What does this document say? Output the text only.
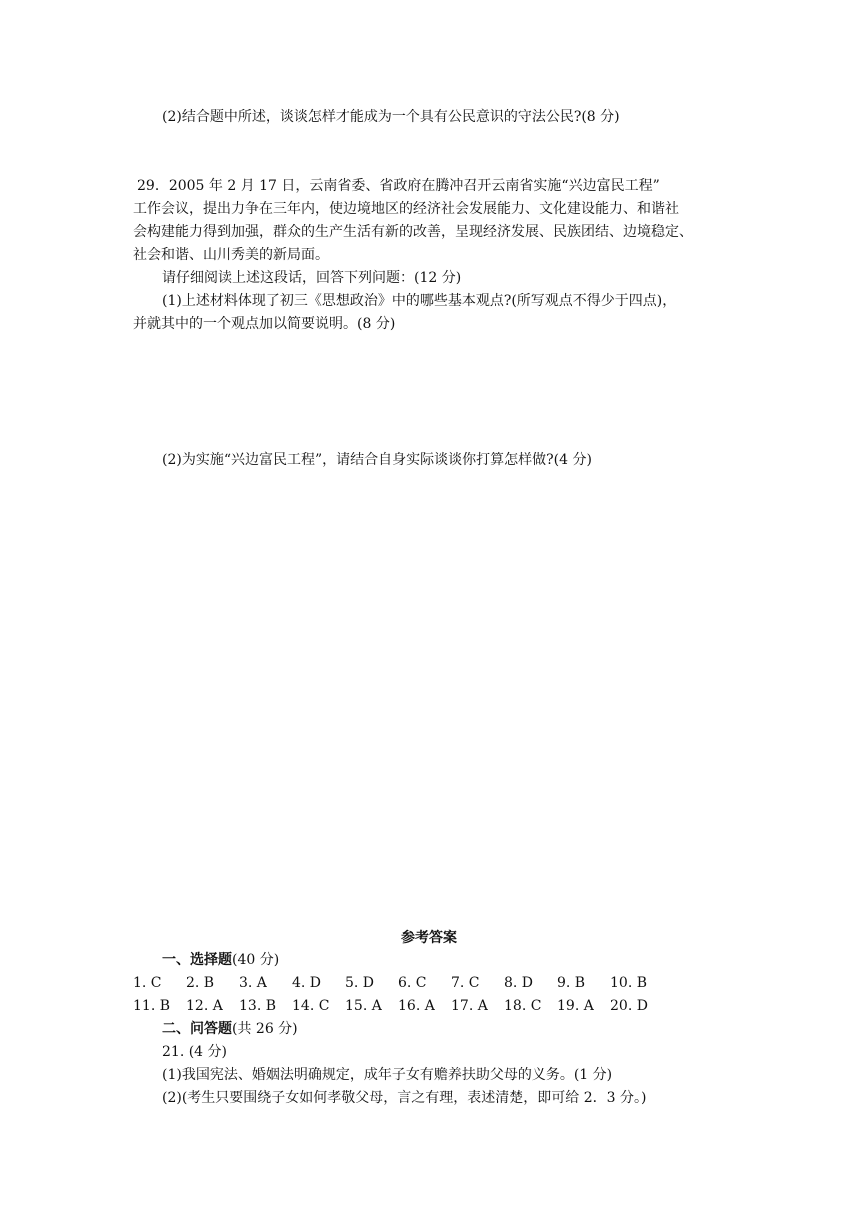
(2)结合题中所述，谈谈怎样才能成为一个具有公民意识的守法公民?(8 分)
29．2005 年 2 月 17 日，云南省委、省政府在腾冲召开云南省实施“兴边富民工程”
工作会议，提出力争在三年内，使边境地区的经济社会发展能力、文化建设能力、和谐社
会构建能力得到加强，群众的生产生活有新的改善，呈现经济发展、民族团结、边境稳定、
社会和谐、山川秀美的新局面。
请仔细阅读上述这段话，回答下列问题：(12 分)
(1)上述材料体现了初三《思想政治》中的哪些基本观点?(所写观点不得少于四点)，
并就其中的一个观点加以简要说明。(8 分)
(2)为实施“兴边富民工程”，请结合自身实际谈谈你打算怎样做?(4 分)
参考答案
一、选择题(40 分)
1. C 2. B 3. A 4. D 5. D 6. C 7. C 8. D 9. B 10. B
11. B 12. A 13. B 14. C 15. A 16. A 17. A 18. C 19. A 20. D
二、问答题(共 26 分)
21. (4 分)
(1)我国宪法、婚姻法明确规定，成年子女有赡养扶助父母的义务。(1 分)
(2)(考生只要围绕子女如何孝敬父母，言之有理，表述清楚，即可给 2．3 分。)
